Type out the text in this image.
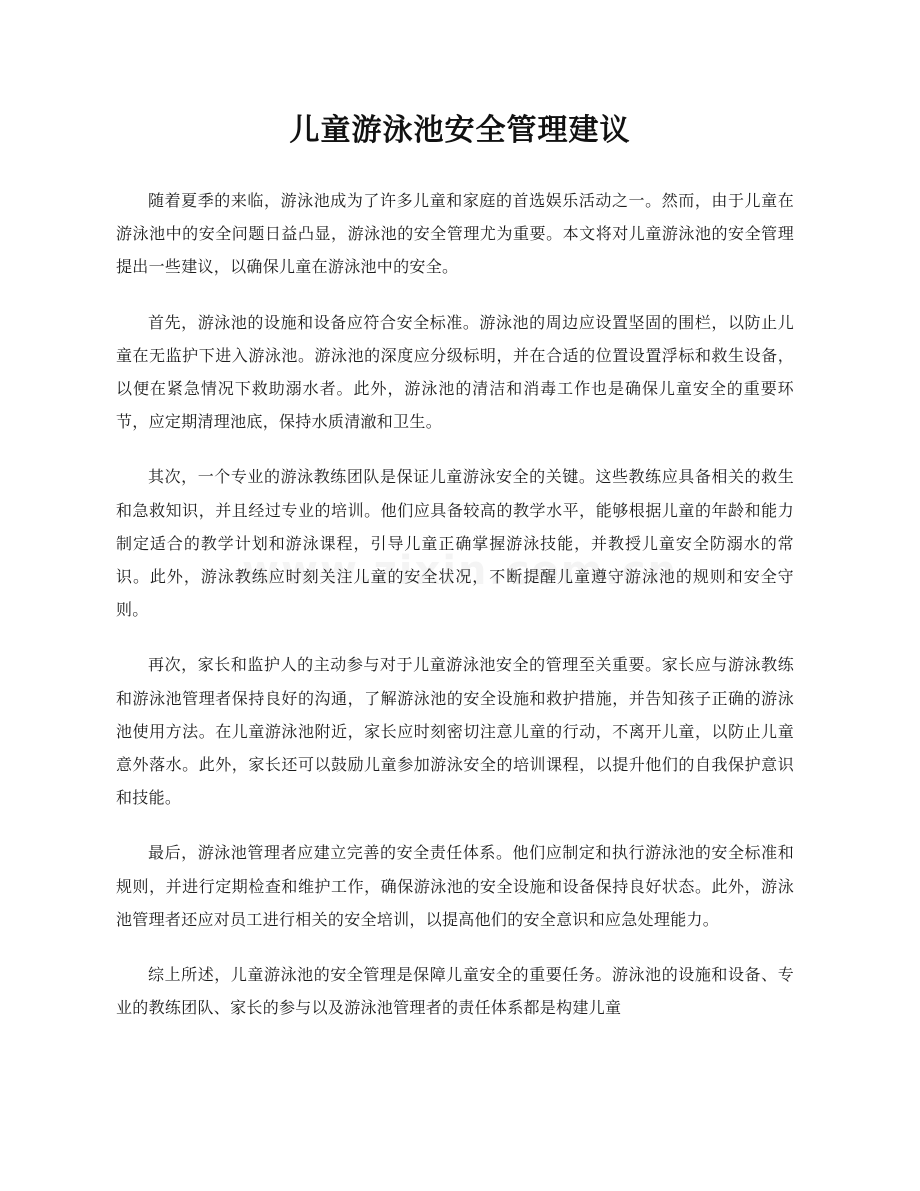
儿童游泳池安全管理建议

随着夏季的来临，游泳池成为了许多儿童和家庭的首选娱乐活动之一。然而，由于儿童在游泳池中的安全问题日益凸显，游泳池的安全管理尤为重要。本文将对儿童游泳池的安全管理提出一些建议，以确保儿童在游泳池中的安全。

首先，游泳池的设施和设备应符合安全标准。游泳池的周边应设置坚固的围栏，以防止儿童在无监护下进入游泳池。游泳池的深度应分级标明，并在合适的位置设置浮标和救生设备，以便在紧急情况下救助溺水者。此外，游泳池的清洁和消毒工作也是确保儿童安全的重要环节，应定期清理池底，保持水质清澈和卫生。

其次，一个专业的游泳教练团队是保证儿童游泳安全的关键。这些教练应具备相关的救生和急救知识，并且经过专业的培训。他们应具备较高的教学水平，能够根据儿童的年龄和能力制定适合的教学计划和游泳课程，引导儿童正确掌握游泳技能，并教授儿童安全防溺水的常识。此外，游泳教练应时刻关注儿童的安全状况，不断提醒儿童遵守游泳池的规则和安全守则。

再次，家长和监护人的主动参与对于儿童游泳池安全的管理至关重要。家长应与游泳教练和游泳池管理者保持良好的沟通，了解游泳池的安全设施和救护措施，并告知孩子正确的游泳池使用方法。在儿童游泳池附近，家长应时刻密切注意儿童的行动，不离开儿童，以防止儿童意外落水。此外，家长还可以鼓励儿童参加游泳安全的培训课程，以提升他们的自我保护意识和技能。

最后，游泳池管理者应建立完善的安全责任体系。他们应制定和执行游泳池的安全标准和规则，并进行定期检查和维护工作，确保游泳池的安全设施和设备保持良好状态。此外，游泳池管理者还应对员工进行相关的安全培训，以提高他们的安全意识和应急处理能力。

综上所述，儿童游泳池的安全管理是保障儿童安全的重要任务。游泳池的设施和设备、专业的教练团队、家长的参与以及游泳池管理者的责任体系都是构建儿童
